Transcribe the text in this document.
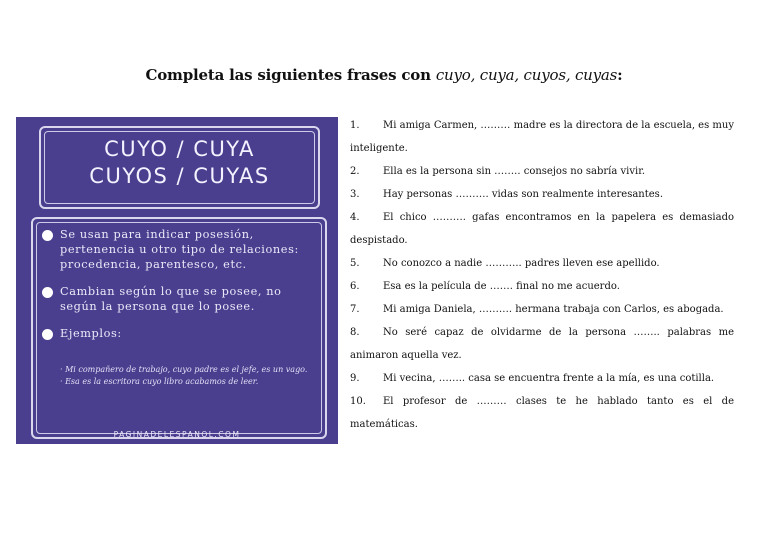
Completa las siguientes frases con cuyo, cuya, cuyos, cuyas:
CUYO / CUYA
CUYOS / CUYAS
Se usan para indicar posesión, pertenencia u otro tipo de relaciones: procedencia, parentesco, etc.
Cambian según lo que se posee, no según la persona que lo posee.
Ejemplos:
· Mi compañero de trabajo, cuyo padre es el jefe, es un vago.
· Esa es la escritora cuyo libro acabamos de leer.
PAGINADELESPANOL.COM

1. Mi amiga Carmen, ……… madre es la directora de la escuela, es muy inteligente.

2. Ella es la persona sin …….. consejos no sabría vivir.

3. Hay personas ………. vidas son realmente interesantes.

4. El chico ………. gafas encontramos en la papelera es demasiado despistado.

5. No conozco a nadie ……….. padres lleven ese apellido.

6. Esa es la película de ……. final no me acuerdo.

7. Mi amiga Daniela, ………. hermana trabaja con Carlos, es abogada.

8. No seré capaz de olvidarme de la persona …….. palabras me animaron aquella vez.

9. Mi vecina, …….. casa se encuentra frente a la mía, es una cotilla.

10. El profesor de ……… clases te he hablado tanto es el de matemáticas.
